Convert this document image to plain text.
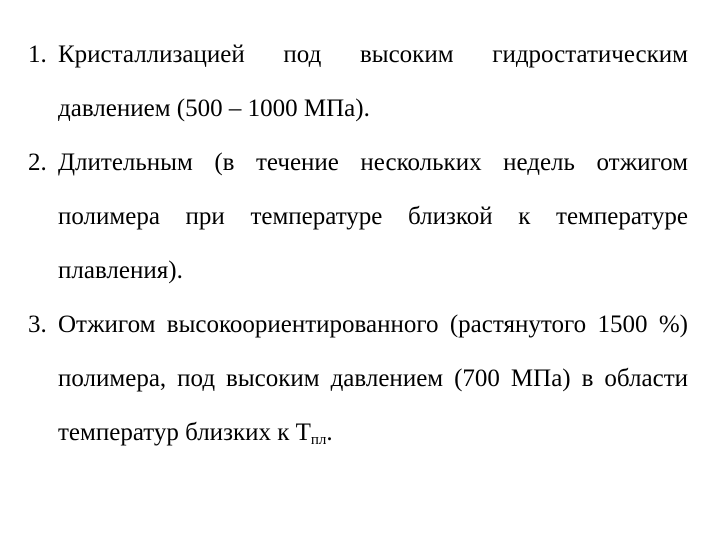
1. Кристаллизацией под высоким гидростатическим давлением (500 – 1000 МПа).
2. Длительным (в течение нескольких недель отжигом полимера при температуре близкой к температуре плавления).
3. Отжигом высокоориентированного (растянутого 1500 %) полимера, под высоким давлением (700 МПа) в области температур близких к $Т_{пл}$.
